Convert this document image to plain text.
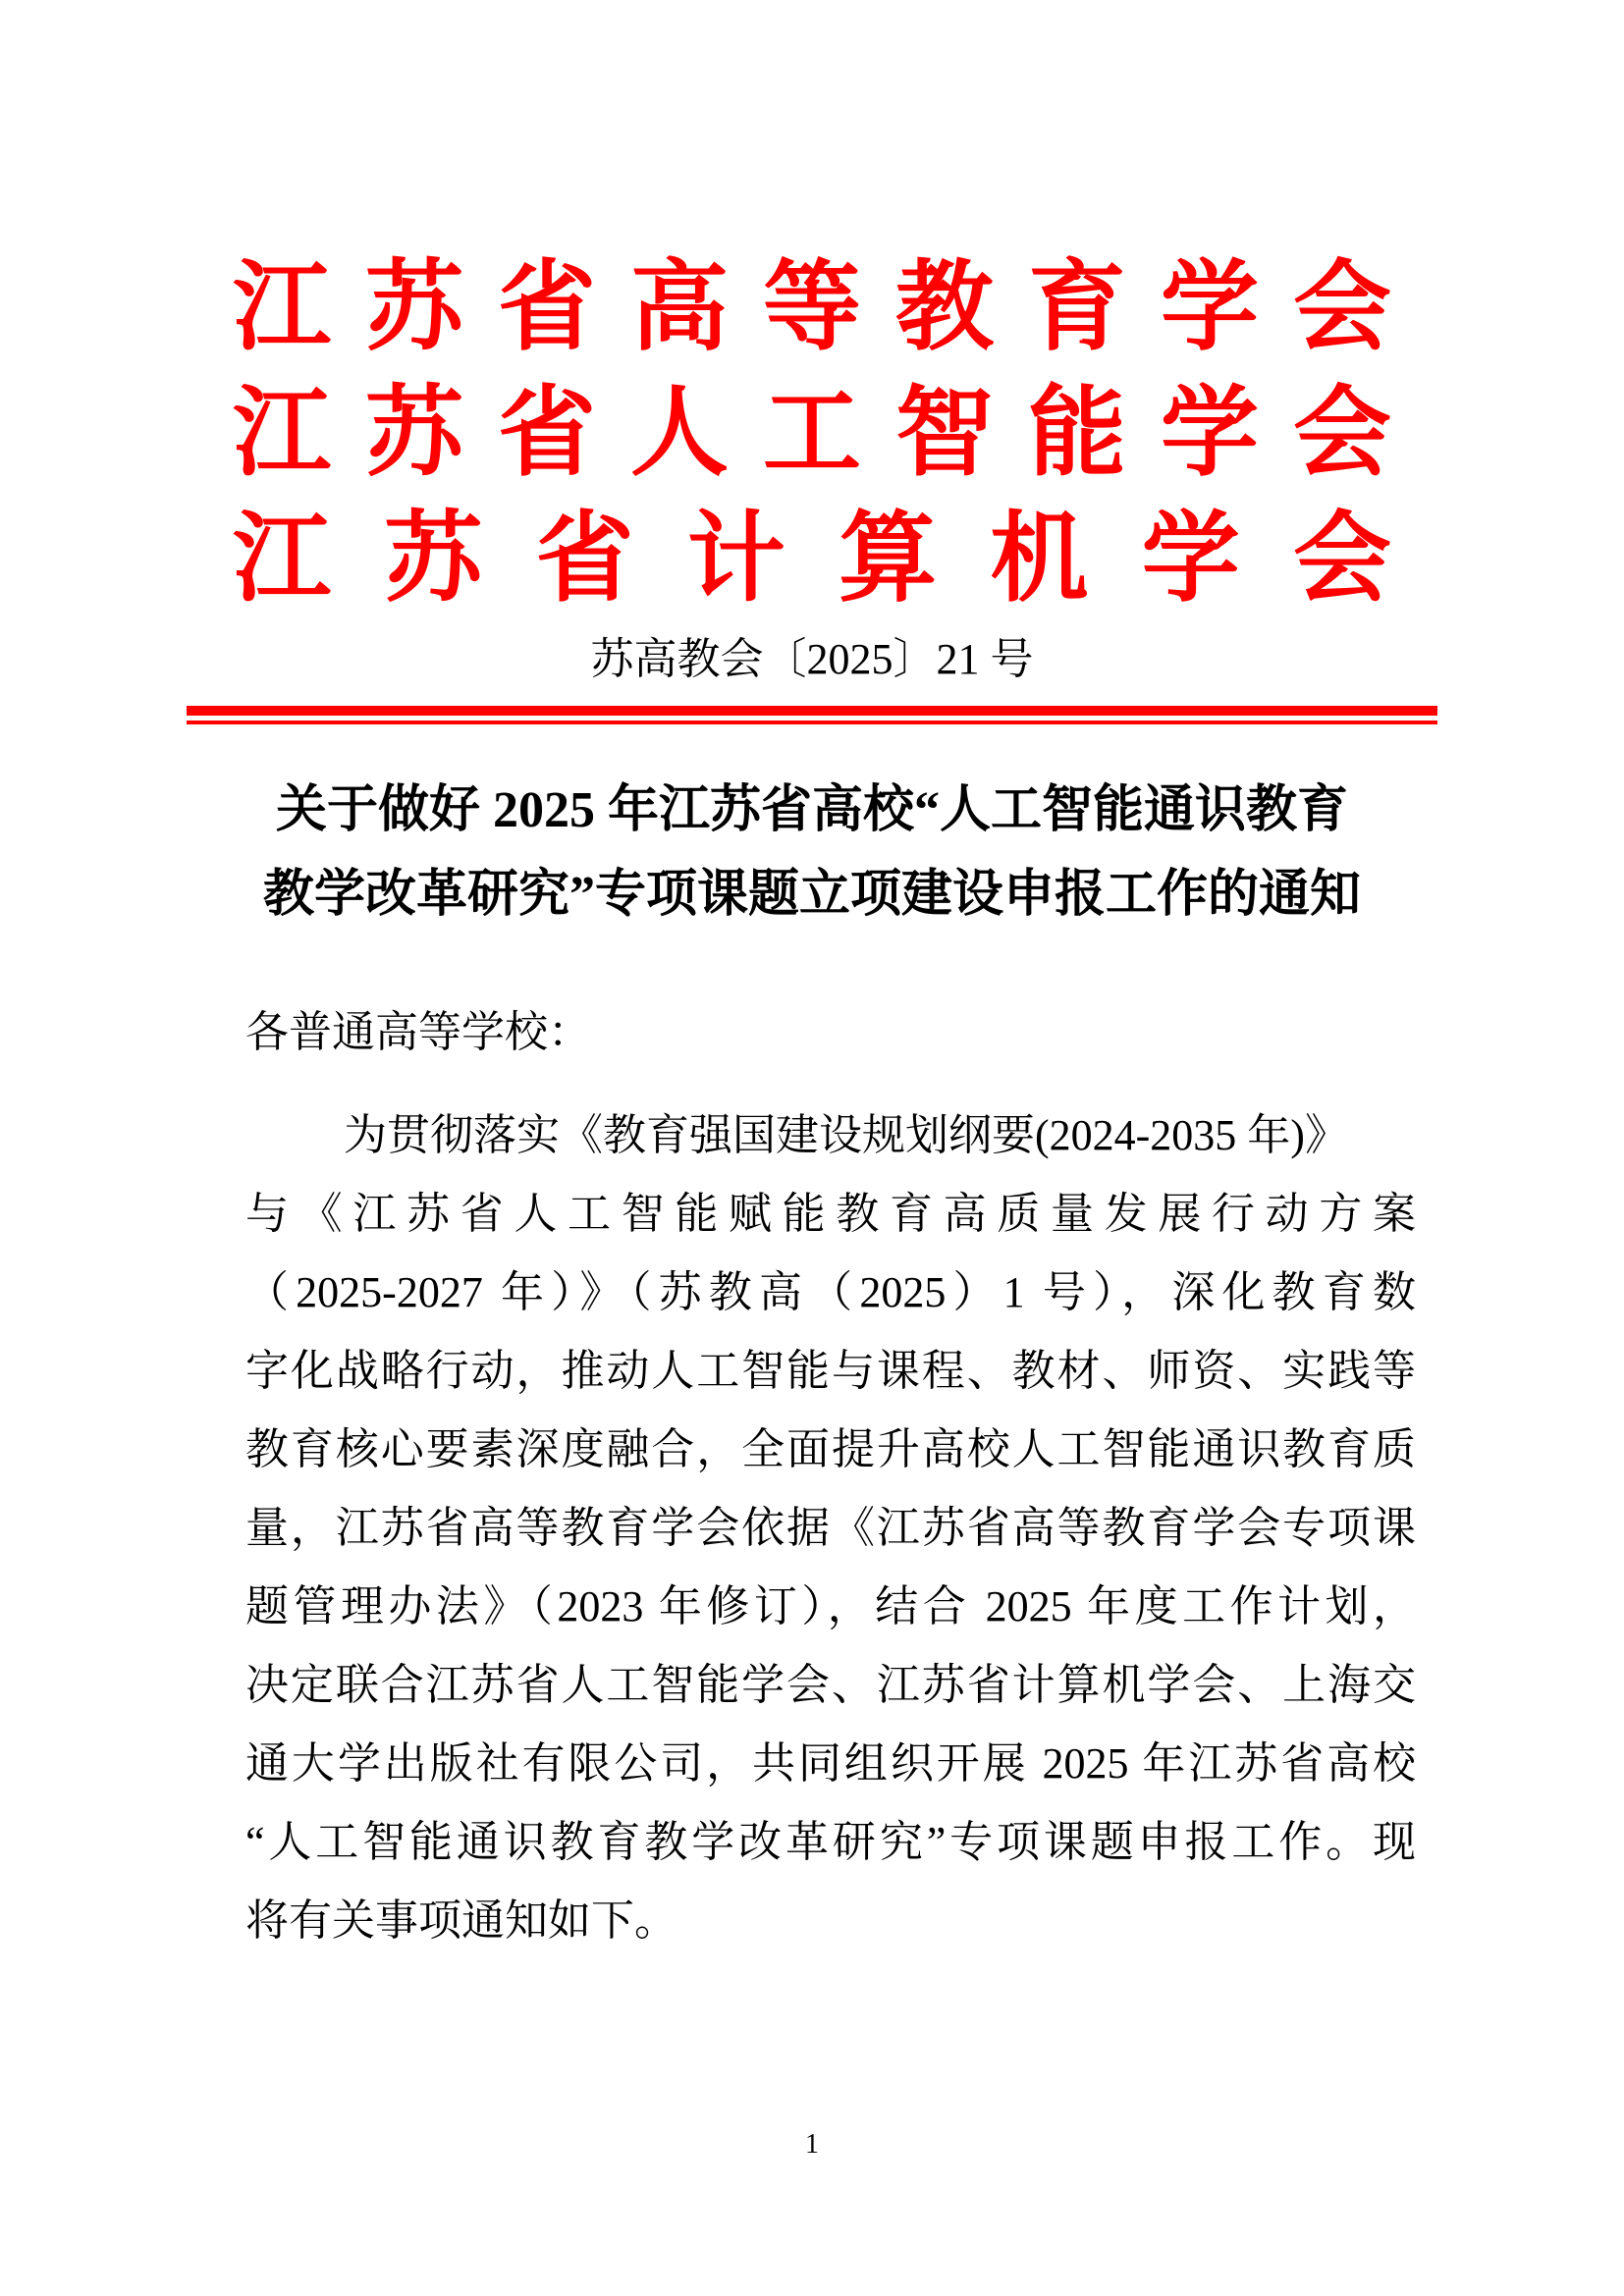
江苏省高等教育学会
江苏省人工智能学会
江苏省计算机学会
苏高教会〔2025〕21 号
关于做好 2025 年江苏省高校“人工智能通识教育
教学改革研究”专项课题立项建设申报工作的通知
各普通高等学校：
为贯彻落实《教育强国建设规划纲要(2024-2035 年)》
与《江苏省人工智能赋能教育高质量发展行动方案
（2025-2027 年）》（苏教高（2025）1 号），深化教育数
字化战略行动，推动人工智能与课程、教材、师资、实践等
教育核心要素深度融合，全面提升高校人工智能通识教育质
量，江苏省高等教育学会依据《江苏省高等教育学会专项课
题管理办法》（2023 年修订），结合 2025 年度工作计划，
决定联合江苏省人工智能学会、江苏省计算机学会、上海交
通大学出版社有限公司，共同组织开展 2025 年江苏省高校
“人工智能通识教育教学改革研究”专项课题申报工作。现
将有关事项通知如下。
1
